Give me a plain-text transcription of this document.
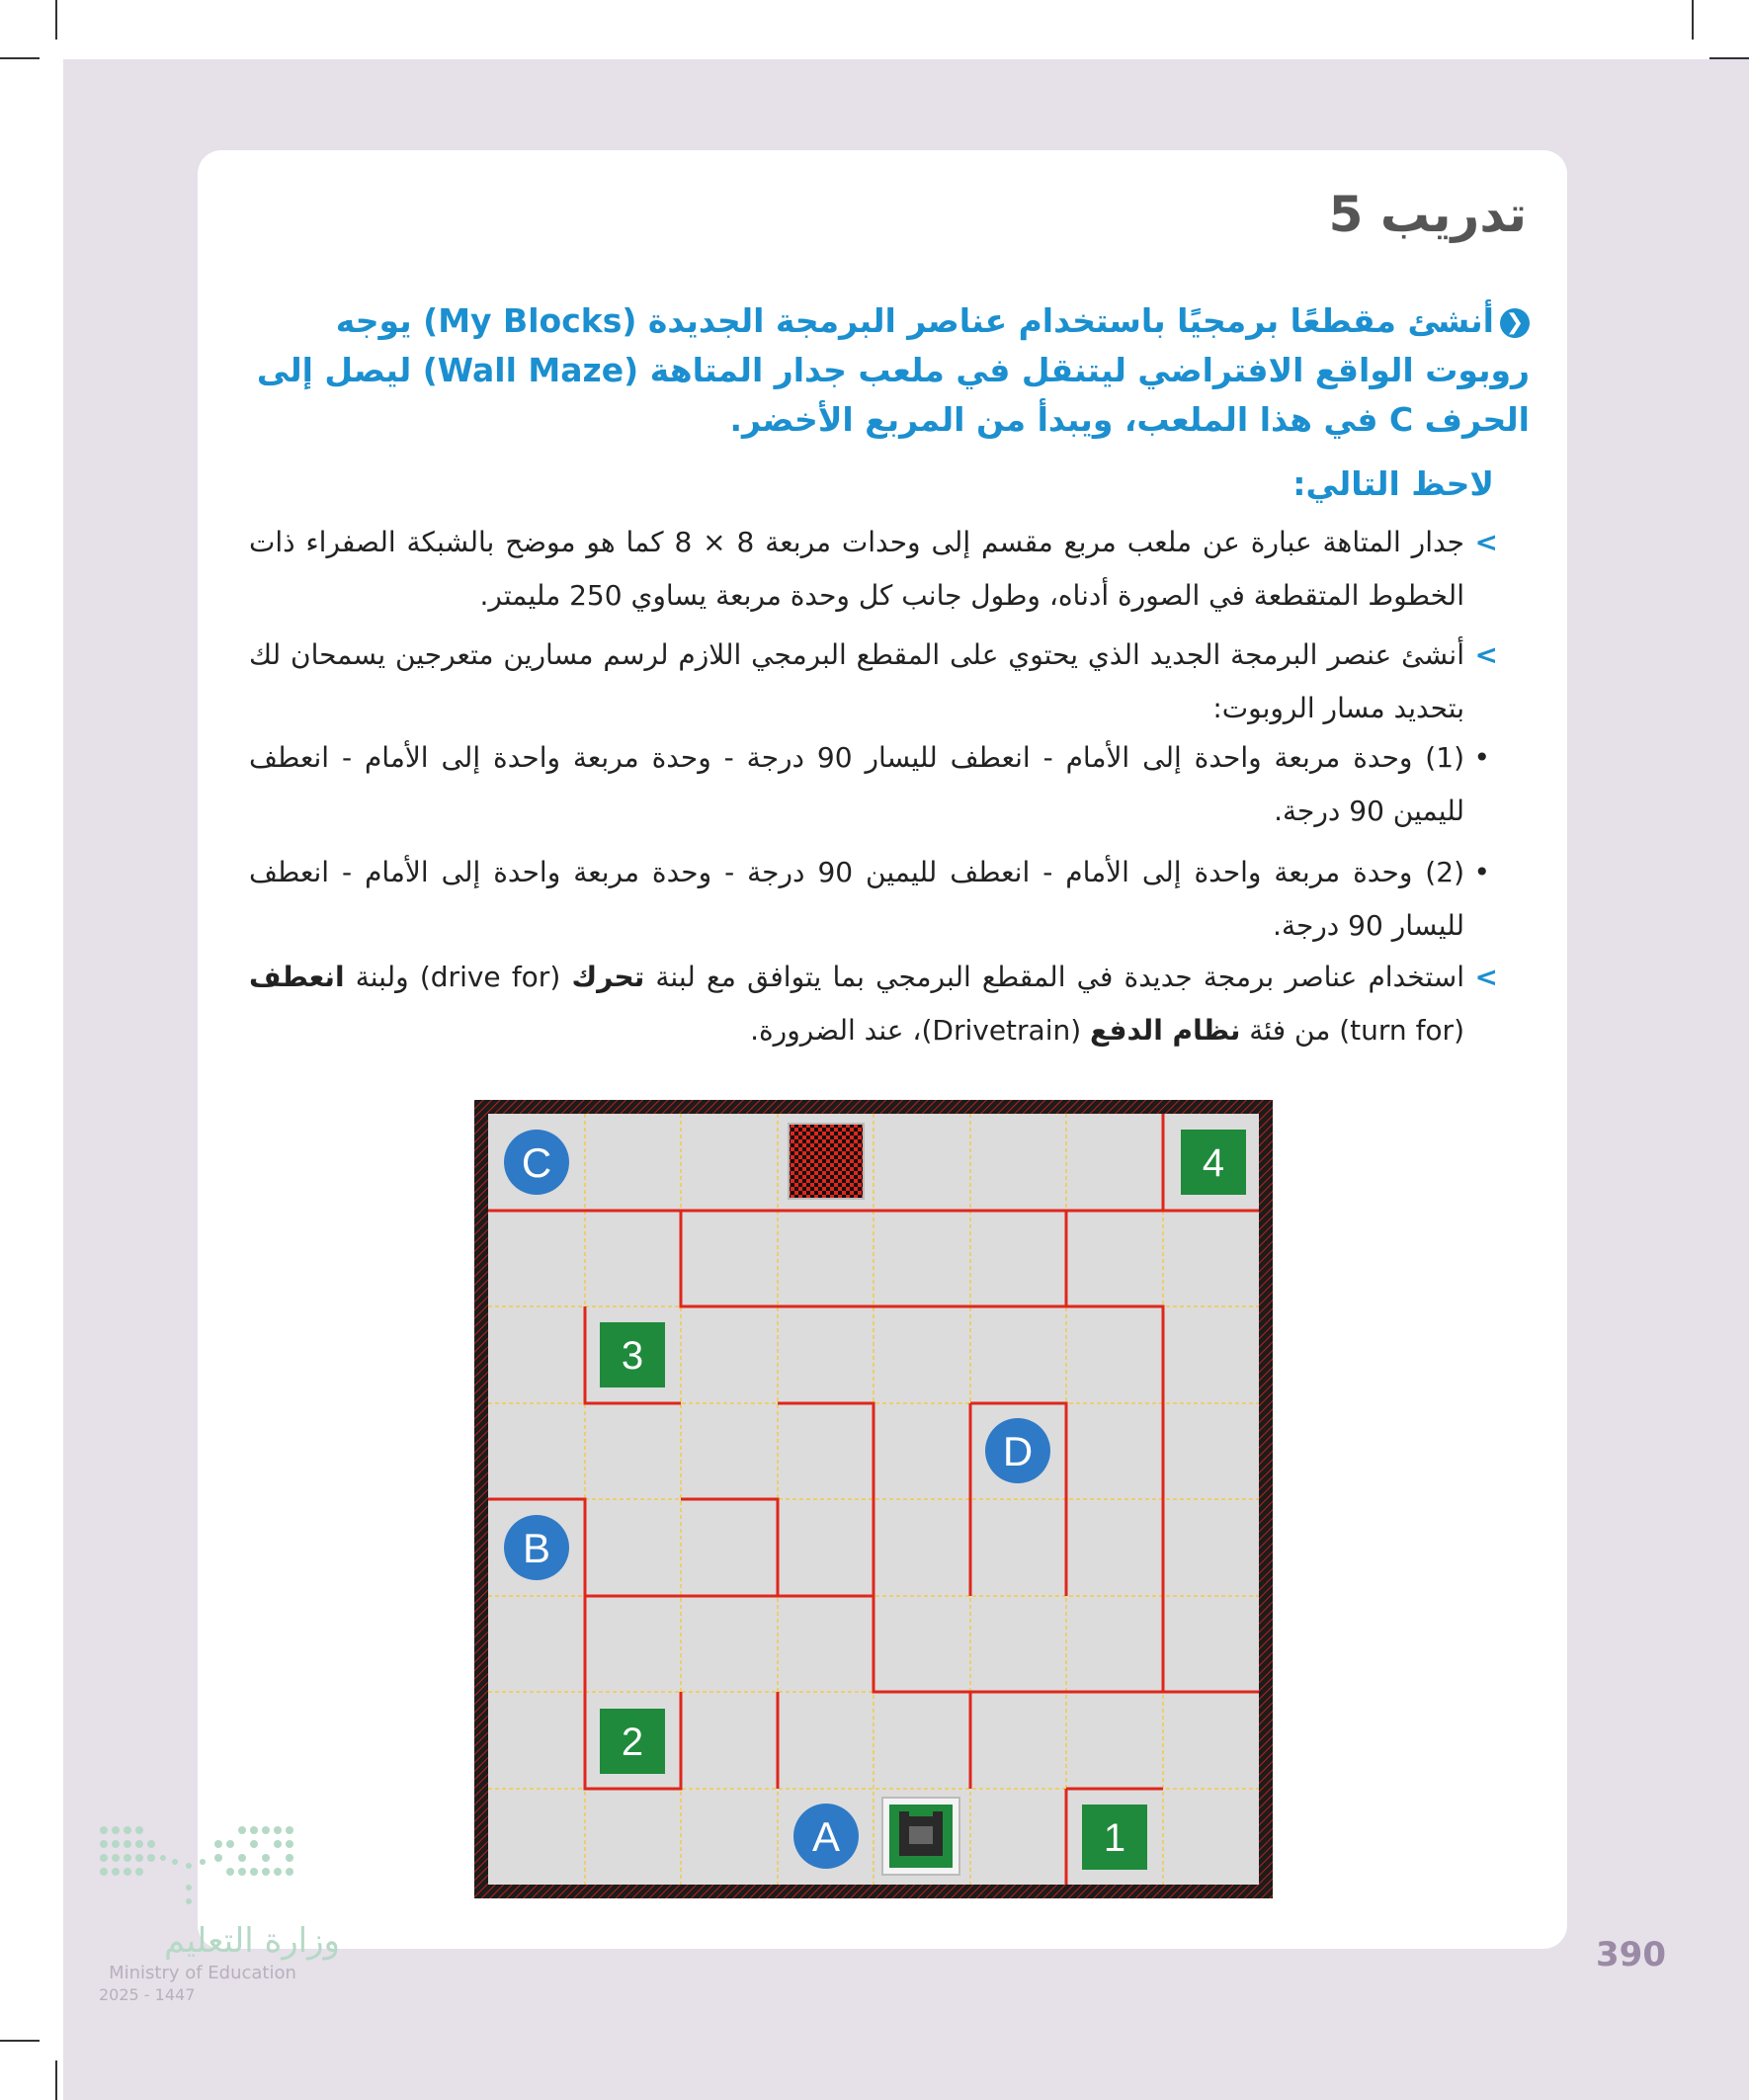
تدريب 5
❮أنشئ مقطعًا برمجيًا باستخدام عناصر البرمجة الجديدة (My Blocks) يوجه روبوت الواقع الافتراضي ليتنقل في ملعب جدار المتاهة (Wall Maze) ليصل إلى الحرف C في هذا الملعب، ويبدأ من المربع الأخضر.
لاحظ التالي:
>
جدار المتاهة عبارة عن ملعب مربع مقسم إلى وحدات مربعة 8 × 8 كما هو موضح بالشبكة الصفراء ذات الخطوط المتقطعة في الصورة أدناه، وطول جانب كل وحدة مربعة يساوي 250 مليمتر.
>
أنشئ عنصر البرمجة الجديد الذي يحتوي على المقطع البرمجي اللازم لرسم مسارين متعرجين يسمحان لك بتحديد مسار الروبوت:
•
(1) وحدة مربعة واحدة إلى الأمام - انعطف لليسار 90 درجة - وحدة مربعة واحدة إلى الأمام - انعطف لليمين 90 درجة.
•
(2) وحدة مربعة واحدة إلى الأمام - انعطف لليمين 90 درجة - وحدة مربعة واحدة إلى الأمام - انعطف لليسار 90 درجة.
>
استخدام عناصر برمجة جديدة في المقطع البرمجي بما يتوافق مع لبنة تحرك (drive for) ولبنة انعطف (turn for) من فئة نظام الدفع (Drivetrain)، عند الضرورة.
4
3
2
1
C
D
B
A
وزارة التعليم
Ministry of Education
2025 - 1447
390
